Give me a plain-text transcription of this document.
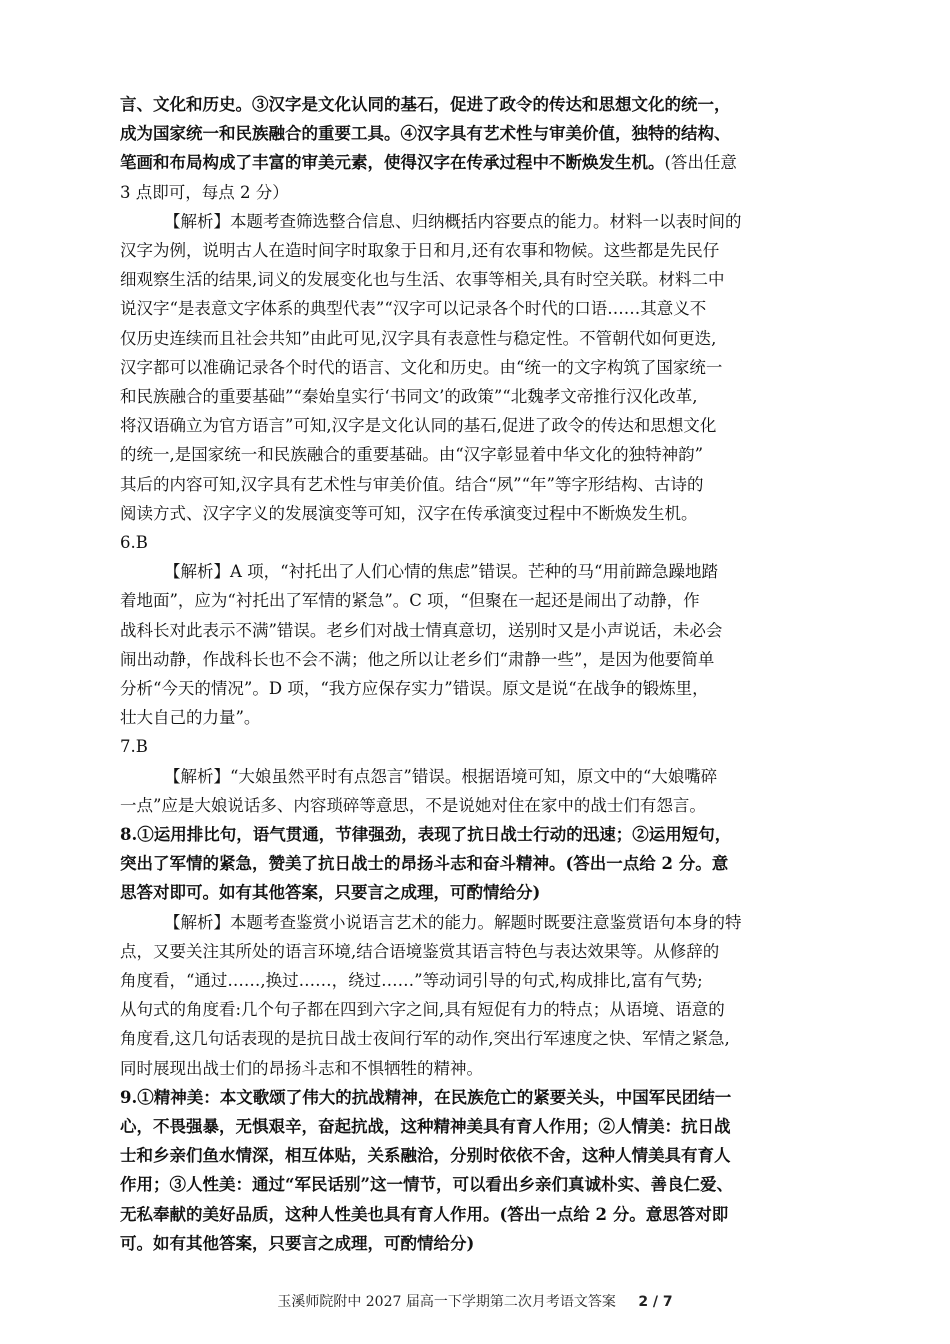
言、文化和历史。③汉字是文化认同的基石，促进了政令的传达和思想文化的统一，
成为国家统一和民族融合的重要工具。④汉字具有艺术性与审美价值，独特的结构、
笔画和布局构成了丰富的审美元素，使得汉字在传承过程中不断焕发生机。(答出任意
3 点即可，每点 2 分）
【解析】本题考查筛选整合信息、归纳概括内容要点的能力。材料一以表时间的
汉字为例，说明古人在造时间字时取象于日和月,还有农事和物候。这些都是先民仔
细观察生活的结果,词义的发展变化也与生活、农事等相关,具有时空关联。材料二中
说汉字“是表意文字体系的典型代表”“汉字可以记录各个时代的口语……其意义不
仅历史连续而且社会共知”由此可见,汉字具有表意性与稳定性。不管朝代如何更迭,
汉字都可以准确记录各个时代的语言、文化和历史。由“统一的文字构筑了国家统一
和民族融合的重要基础”“秦始皇实行‘书同文’的政策”“北魏孝文帝推行汉化改革,
将汉语确立为官方语言”可知,汉字是文化认同的基石,促进了政令的传达和思想文化
的统一,是国家统一和民族融合的重要基础。由“汉字彰显着中华文化的独特神韵”
其后的内容可知,汉字具有艺术性与审美价值。结合“夙”“年”等字形结构、古诗的
阅读方式、汉字字义的发展演变等可知，汉字在传承演变过程中不断焕发生机。
6.B
【解析】A 项，“衬托出了人们心情的焦虑”错误。芒种的马“用前蹄急躁地踏
着地面”，应为“衬托出了军情的紧急”。C 项，“但聚在一起还是闹出了动静，作
战科长对此表示不满”错误。老乡们对战士情真意切，送别时又是小声说话，未必会
闹出动静，作战科长也不会不满；他之所以让老乡们“肃静一些”，是因为他要简单
分析“今天的情况”。D 项，“我方应保存实力”错误。原文是说“在战争的锻炼里，
壮大自己的力量”。
7.B
【解析】“大娘虽然平时有点怨言”错误。根据语境可知，原文中的“大娘嘴碎
一点”应是大娘说话多、内容琐碎等意思，不是说她对住在家中的战士们有怨言。
8.①运用排比句，语气贯通，节律强劲，表现了抗日战士行动的迅速；②运用短句，
突出了军情的紧急，赞美了抗日战士的昂扬斗志和奋斗精神。(答出一点给 2 分。意
思答对即可。如有其他答案，只要言之成理，可酌情给分)
【解析】本题考查鉴赏小说语言艺术的能力。解题时既要注意鉴赏语句本身的特
点，又要关注其所处的语言环境,结合语境鉴赏其语言特色与表达效果等。从修辞的
角度看，“通过……,换过……，绕过……”等动词引导的句式,构成排比,富有气势;
从句式的角度看:几个句子都在四到六字之间,具有短促有力的特点；从语境、语意的
角度看,这几句话表现的是抗日战士夜间行军的动作,突出行军速度之快、军情之紧急,
同时展现出战士们的昂扬斗志和不惧牺牲的精神。
9.①精神美：本文歌颂了伟大的抗战精神，在民族危亡的紧要关头，中国军民团结一
心，不畏强暴，无惧艰辛，奋起抗战，这种精神美具有育人作用；②人情美：抗日战
士和乡亲们鱼水情深，相互体贴，关系融洽，分别时依依不舍，这种人情美具有育人
作用；③人性美：通过“军民话别”这一情节，可以看出乡亲们真诚朴实、善良仁爱、
无私奉献的美好品质，这种人性美也具有育人作用。(答出一点给 2 分。意思答对即
可。如有其他答案，只要言之成理，可酌情给分)
玉溪师院附中 2027 届高一下学期第二次月考语文答案 2 / 7
